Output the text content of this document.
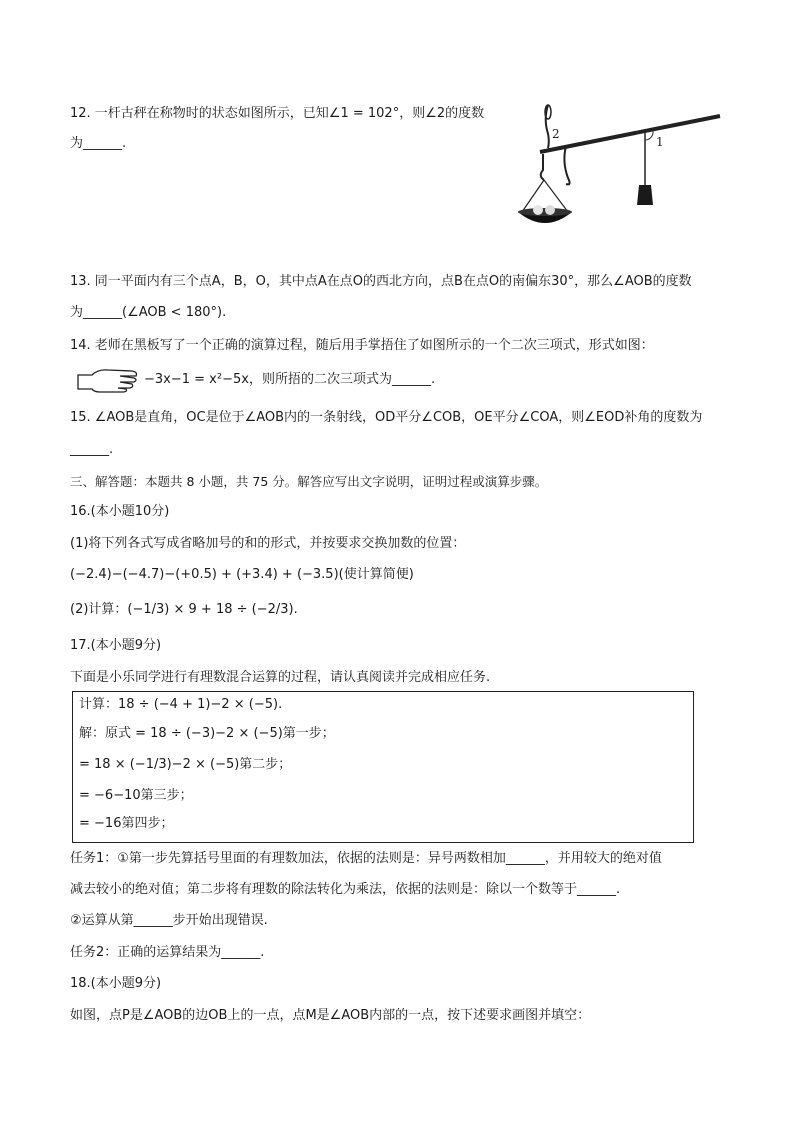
12. 一杆古秤在称物时的状态如图所示，已知∠1 = 102°，则∠2的度数
为______.
2
1
13. 同一平面内有三个点A，B，O，其中点A在点O的西北方向，点B在点O的南偏东30°，那么∠AOB的度数
为______(∠AOB < 180°).
14. 老师在黑板写了一个正确的演算过程，随后用手掌捂住了如图所示的一个二次三项式，形式如图：
−3x−1 = x²−5x，则所捂的二次三项式为______.
15. ∠AOB是直角，OC是位于∠AOB内的一条射线，OD平分∠COB，OE平分∠COA，则∠EOD补角的度数为
______.
三、解答题：本题共 8 小题，共 75 分。解答应写出文字说明，证明过程或演算步骤。
16.(本小题10分)
(1)将下列各式写成省略加号的和的形式，并按要求交换加数的位置：
(−2.4)−(−4.7)−(+0.5) + (+3.4) + (−3.5)(使计算简便)
(2)计算：(−1/3) × 9 + 18 ÷ (−2/3).
17.(本小题9分)
下面是小乐同学进行有理数混合运算的过程，请认真阅读并完成相应任务.
计算：18 ÷ (−4 + 1)−2 × (−5).
解：原式 = 18 ÷ (−3)−2 × (−5)第一步；
= 18 × (−1/3)−2 × (−5)第二步；
= −6−10第三步；
= −16第四步；
任务1：①第一步先算括号里面的有理数加法，依据的法则是：异号两数相加______，并用较大的绝对值
减去较小的绝对值；第二步将有理数的除法转化为乘法，依据的法则是：除以一个数等于______.
②运算从第______步开始出现错误.
任务2：正确的运算结果为______.
18.(本小题9分)
如图，点P是∠AOB的边OB上的一点，点M是∠AOB内部的一点，按下述要求画图并填空：
